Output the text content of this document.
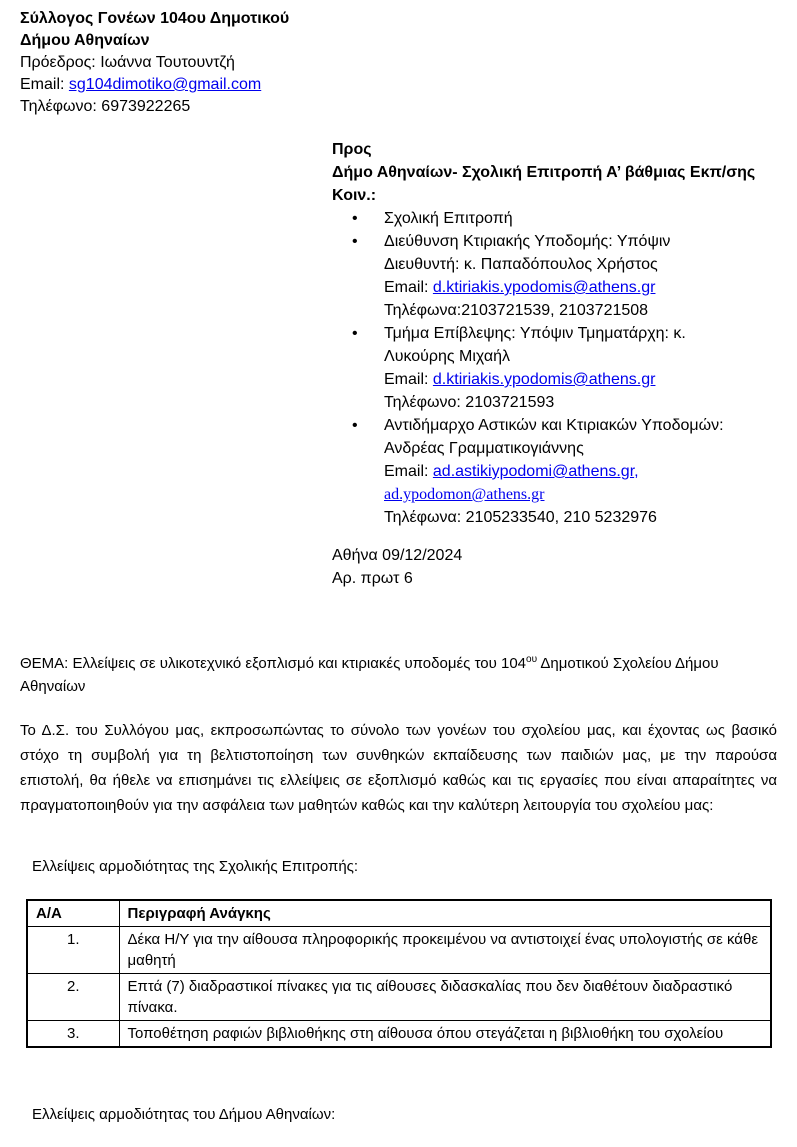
Σύλλογος Γονέων 104ου Δημοτικού
Δήμου Αθηναίων
Πρόεδρος: Ιωάννα Τουτουντζή
Email: sg104dimotiko@gmail.com
Τηλέφωνο: 6973922265
Προς
Δήμο Αθηναίων- Σχολική Επιτροπή Α’ βάθμιας Εκπ/σης
Κοιν.:
•	Σχολική Επιτροπή
•	Διεύθυνση Κτιριακής Υποδομής: Υπόψιν
Διευθυντή: κ. Παπαδόπουλος Χρήστος
Email: d.ktiriakis.ypodomis@athens.gr
Τηλέφωνα:2103721539, 2103721508
•	Τμήμα Επίβλεψης: Υπόψιν Τμηματάρχη: κ.
Λυκούρης Μιχαήλ
Email: d.ktiriakis.ypodomis@athens.gr
Τηλέφωνο: 2103721593
•	Αντιδήμαρχο Αστικών και Κτιριακών Υποδομών:
Ανδρέας Γραμματικογιάννης
Email: ad.astikiypodomi@athens.gr,
ad.ypodomon@athens.gr
Τηλέφωνα: 2105233540, 210 5232976
Αθήνα 09/12/2024
Αρ. πρωτ 6
ΘΕΜΑ: Ελλείψεις σε υλικοτεχνικό εξοπλισμό και κτιριακές υποδομές του $104^{o\upsilon}$ Δημοτικού Σχολείου Δήμου Αθηναίων
Το Δ.Σ. του Συλλόγου μας, εκπροσωπώντας το σύνολο των γονέων του σχολείου μας, και έχοντας ως βασικό στόχο τη συμβολή για τη βελτιστοποίηση των συνθηκών εκπαίδευσης των παιδιών μας, με την παρούσα επιστολή, θα ήθελε να επισημάνει τις ελλείψεις σε εξοπλισμό καθώς και τις εργασίες που είναι απαραίτητες να πραγματοποιηθούν για την ασφάλεια των μαθητών καθώς και την καλύτερη λειτουργία του σχολείου μας:
Ελλείψεις αρμοδιότητας της Σχολικής Επιτροπής:
Α/Α	Περιγραφή Ανάγκης
1.	Δέκα Η/Υ για την αίθουσα πληροφορικής προκειμένου να αντιστοιχεί ένας υπολογιστής σε κάθε μαθητή
2.	Επτά (7) διαδραστικοί πίνακες για τις αίθουσες διδασκαλίας που δεν διαθέτουν διαδραστικό πίνακα.
3.	Τοποθέτηση ραφιών βιβλιοθήκης στη αίθουσα όπου στεγάζεται η βιβλιοθήκη του σχολείου
Ελλείψεις αρμοδιότητας του Δήμου Αθηναίων:
